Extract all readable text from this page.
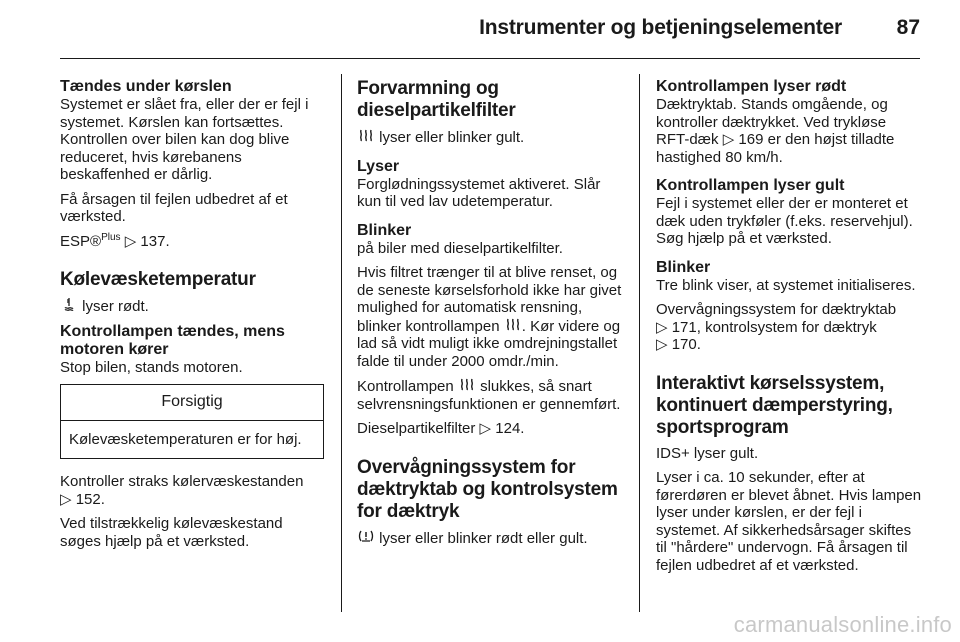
Instrumenter og betjeningselementer	87
Tændes under kørslen

Systemet er slået fra, eller der er fejl i systemet. Kørslen kan fortsættes. Kontrollen over bilen kan dog blive reduceret, hvis kørebanens beskaffenhed er dårlig.

Få årsagen til fejlen udbedret af et værksted.

ESP®$^{Plus}$ ▷ 137.

Kølevæsketemperatur

lyser rødt.

Kontrollampen tændes, mens motoren kører

Stop bilen, stands motoren.

Forsigtig
Kølevæsketemperaturen er for høj.

Kontroller straks kølervæskestanden
▷ 152.

Ved tilstrækkelig kølevæskestand søges hjælp på et værksted.

Forvarmning og dieselpartikelfilter

lyser eller blinker gult.

Lyser

Forglødningssystemet aktiveret. Slår kun til ved lav udetemperatur.

Blinker

på biler med dieselpartikelfilter.

Hvis filtret trænger til at blive renset, og de seneste kørselsforhold ikke har givet mulighed for automatisk rensning, blinker kontrollampen . Kør videre og lad så vidt muligt ikke omdrejningstallet falde til under 2000 omdr./min.

Kontrollampen slukkes, så snart selvrensningsfunktionen er gennemført.

Dieselpartikelfilter ▷ 124.

Overvågningssystem for dæktryktab og kontrolsystem for dæktryk

lyser eller blinker rødt eller gult.

Kontrollampen lyser rødt

Dæktryktab. Stands omgående, og kontroller dæktrykket. Ved trykløse RFT-dæk ▷ 169 er den højst tilladte hastighed 80 km/h.

Kontrollampen lyser gult

Fejl i systemet eller der er monteret et dæk uden trykføler (f.eks. reservehjul). Søg hjælp på et værksted.

Blinker

Tre blink viser, at systemet initialiseres.

Overvågningssystem for dæktryktab
▷ 171, kontrolsystem for dæktryk
▷ 170.

Interaktivt kørselssystem, kontinuert dæmperstyring, sportsprogram

IDS+ lyser gult.

Lyser i ca. 10 sekunder, efter at førerdøren er blevet åbnet. Hvis lampen lyser under kørslen, er der fejl i systemet. Af sikkerhedsårsager skiftes til "hårdere" undervogn. Få årsagen til fejlen udbedret af et værksted.

carmanualsonline.info
